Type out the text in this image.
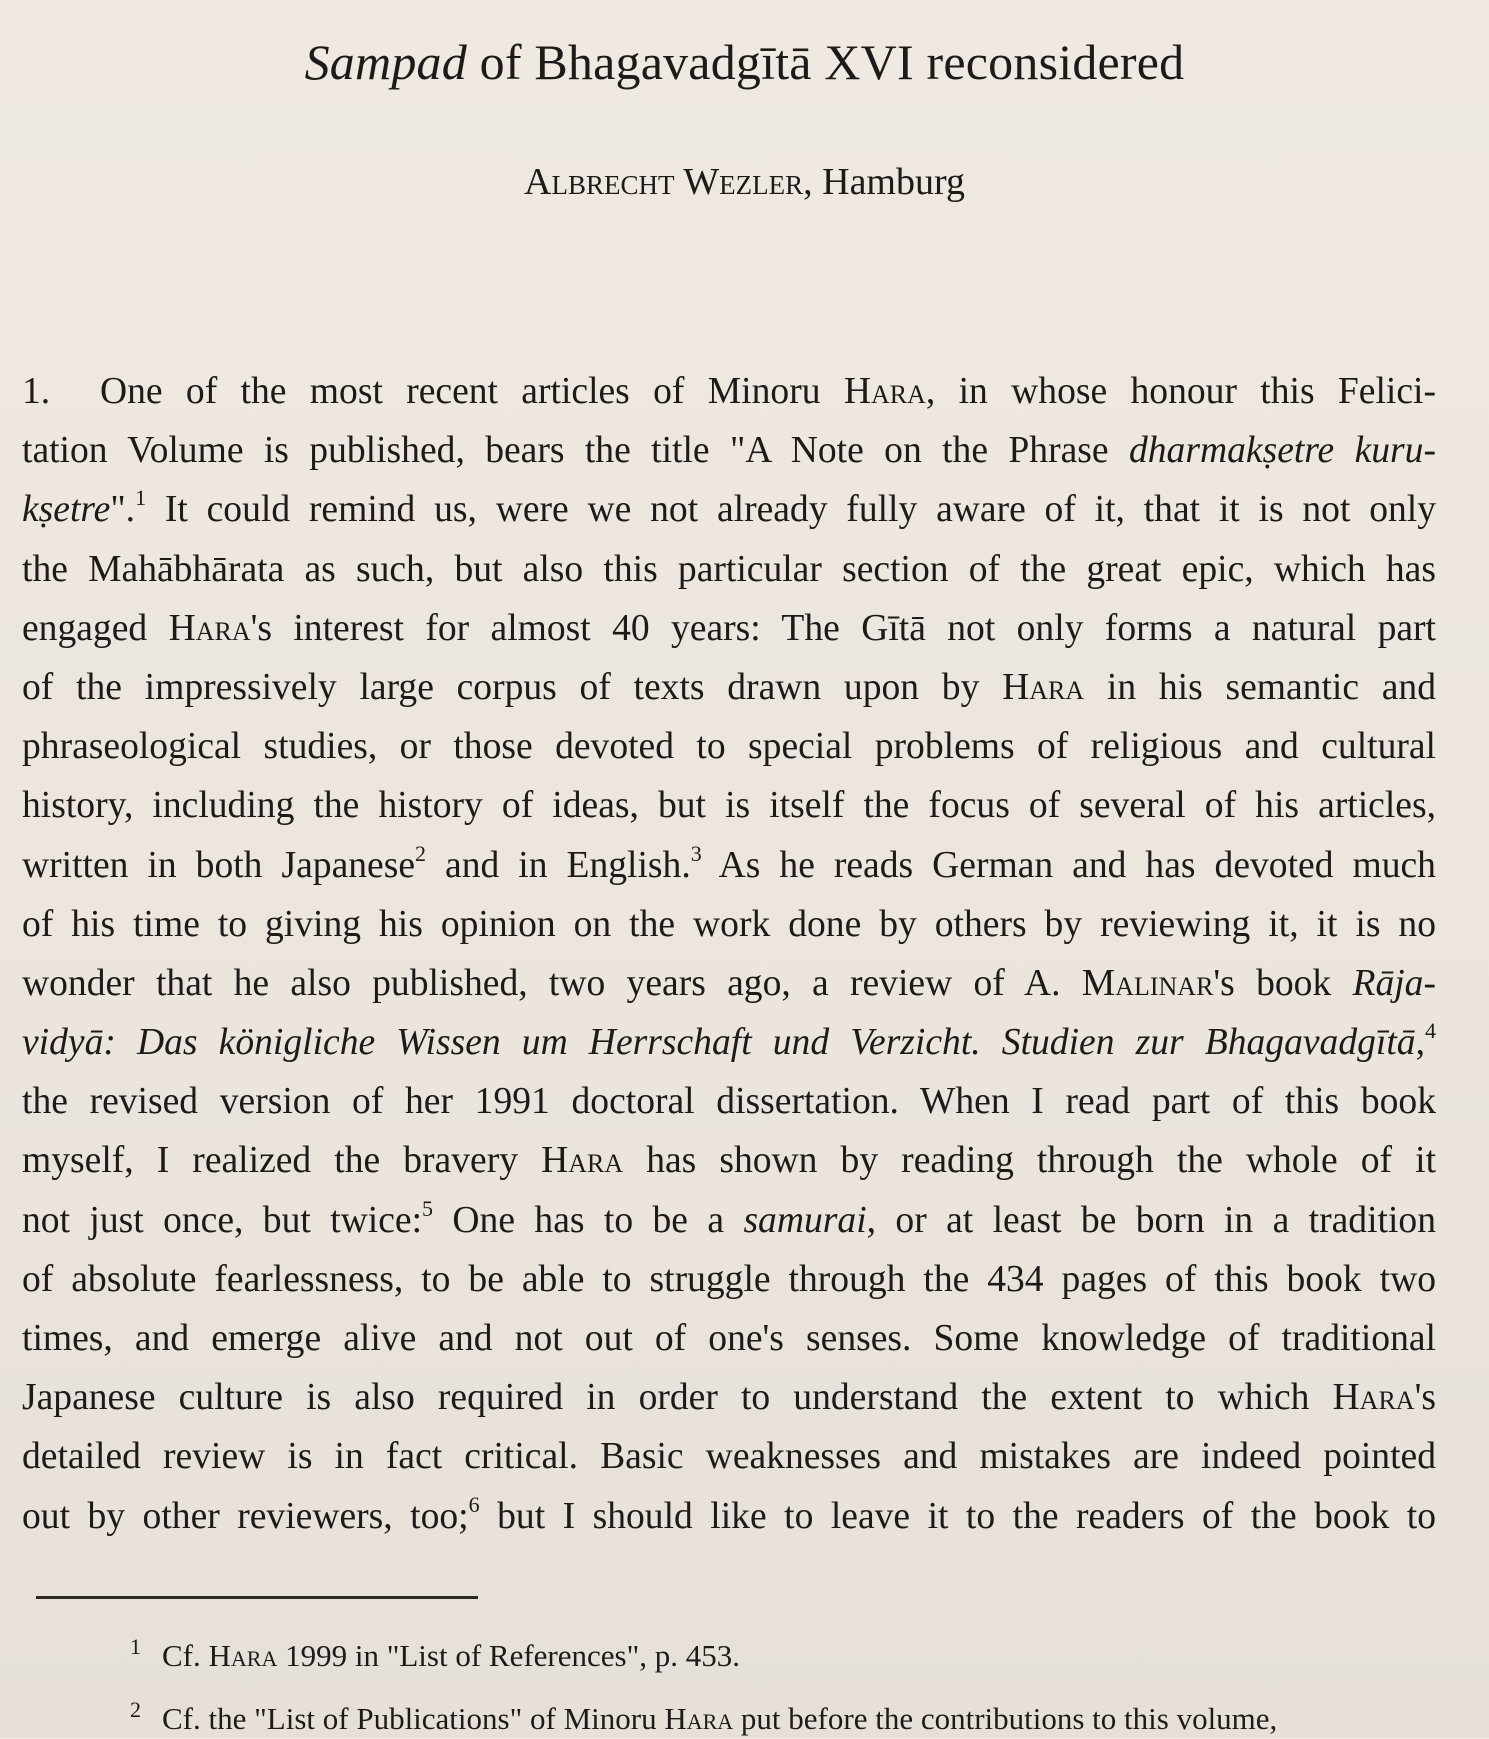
Sampad of Bhagavadgītā XVI reconsidered
Albrecht Wezler, Hamburg
1. One of the most recent articles of Minoru Hara, in whose honour this Felici-
tation Volume is published, bears the title "A Note on the Phrase dharmakṣetre kuru-
kṣetre".$^1$ It could remind us, were we not already fully aware of it, that it is not only
the Mahābhārata as such, but also this particular section of the great epic, which has
engaged Hara's interest for almost 40 years: The Gītā not only forms a natural part
of the impressively large corpus of texts drawn upon by Hara in his semantic and
phraseological studies, or those devoted to special problems of religious and cultural
history, including the history of ideas, but is itself the focus of several of his articles,
written in both Japanese$^2$ and in English.$^3$ As he reads German and has devoted much
of his time to giving his opinion on the work done by others by reviewing it, it is no
wonder that he also published, two years ago, a review of A. Malinar's book Rāja-
vidyā: Das königliche Wissen um Herrschaft und Verzicht. Studien zur Bhagavadgītā,$^4$
the revised version of her 1991 doctoral dissertation. When I read part of this book
myself, I realized the bravery Hara has shown by reading through the whole of it
not just once, but twice:$^5$ One has to be a samurai, or at least be born in a tradition
of absolute fearlessness, to be able to struggle through the 434 pages of this book two
times, and emerge alive and not out of one's senses. Some knowledge of traditional
Japanese culture is also required in order to understand the extent to which Hara's
detailed review is in fact critical. Basic weaknesses and mistakes are indeed pointed
out by other reviewers, too;$^6$ but I should like to leave it to the readers of the book to
1 Cf. Hara 1999 in "List of References", p. 453.
2 Cf. the "List of Publications" of Minoru Hara put before the contributions to this volume,
